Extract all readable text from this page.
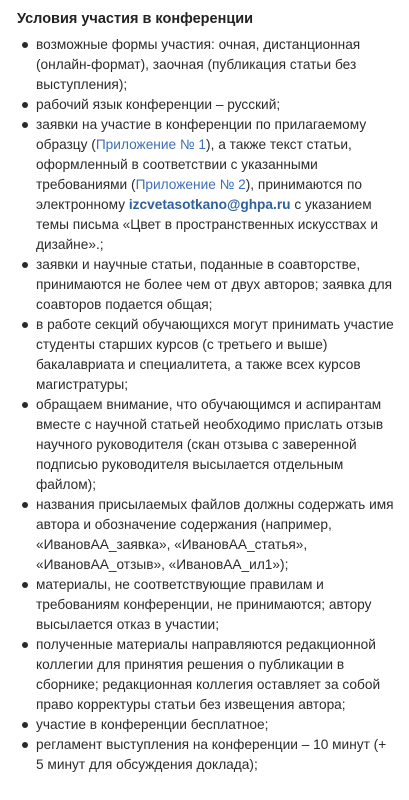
Условия участия в конференции
возможные формы участия: очная, дистанционная (онлайн-формат), заочная (публикация статьи без выступления);
рабочий язык конференции – русский;
заявки на участие в конференции по прилагаемому образцу (Приложение № 1), а также текст статьи, оформленный в соответствии с указанными требованиями (Приложение № 2), принимаются по электронному izcvetasotkano@ghpa.ru с указанием темы письма «Цвет в пространственных искусствах и дизайне».;
заявки и научные статьи, поданные в соавторстве, принимаются не более чем от двух авторов; заявка для соавторов подается общая;
в работе секций обучающихся могут принимать участие студенты старших курсов (с третьего и выше) бакалавриата и специалитета, а также всех курсов магистратуры;
обращаем внимание, что обучающимся и аспирантам вместе с научной статьей необходимо прислать отзыв научного руководителя (скан отзыва с заверенной подписью руководителя высылается отдельным файлом);
названия присылаемых файлов должны содержать имя автора и обозначение содержания (например, «ИвановАА_заявка», «ИвановАА_статья», «ИвановАА_отзыв», «ИвановАА_ил1»);
материалы, не соответствующие правилам и требованиям конференции, не принимаются; автору высылается отказ в участии;
полученные материалы направляются редакционной коллегии для принятия решения о публикации в сборнике; редакционная коллегия оставляет за собой право корректуры статьи без извещения автора;
участие в конференции бесплатное;
регламент выступления на конференции – 10 минут (+ 5 минут для обсуждения доклада);
